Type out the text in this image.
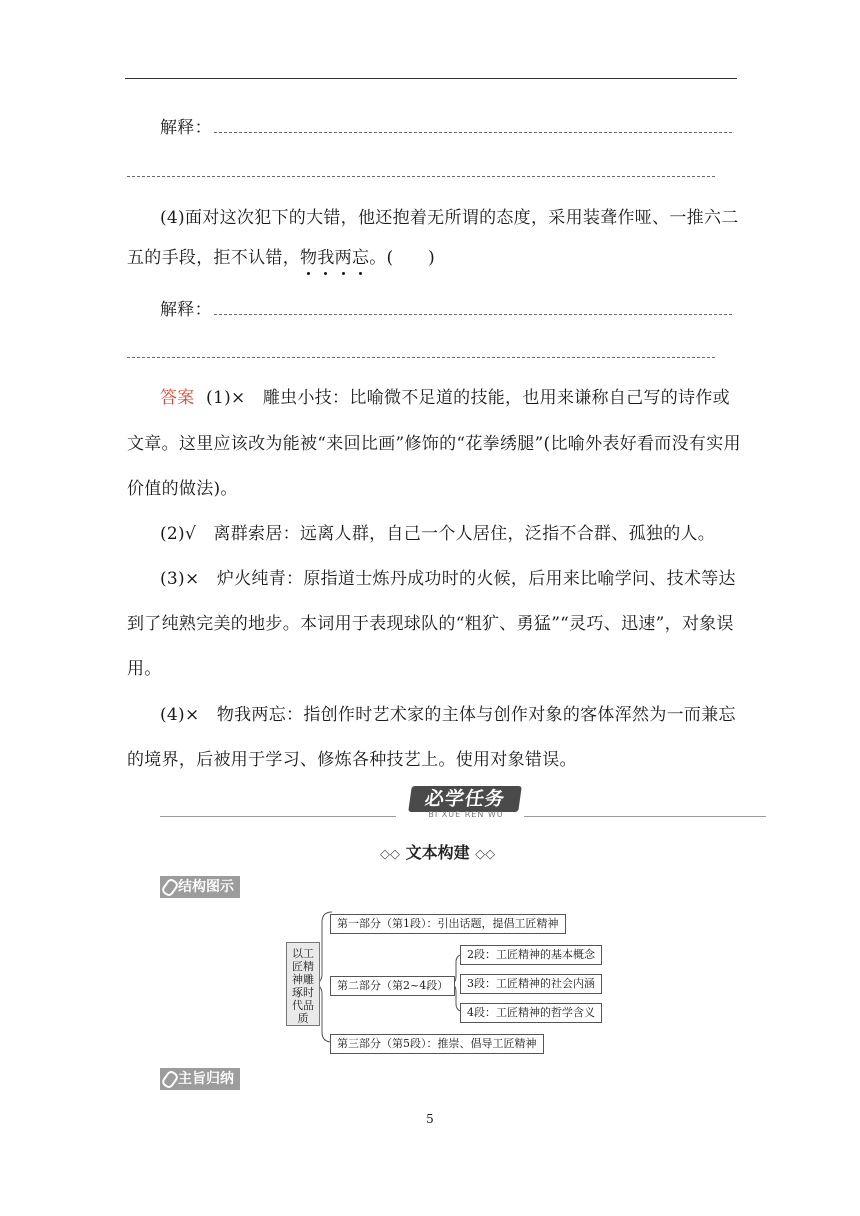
解释：
(4)面对这次犯下的大错，他还抱着无所谓的态度，采用装聋作哑、一推六二
五的手段，拒不认错，物我两忘。(　　)
解释：
答案 (1)×　雕虫小技：比喻微不足道的技能，也用来谦称自己写的诗作或
文章。这里应该改为能被“来回比画”修饰的“花拳绣腿”(比喻外表好看而没有实用
价值的做法)。
(2)√　离群索居：远离人群，自己一个人居住，泛指不合群、孤独的人。
(3)×　炉火纯青：原指道士炼丹成功时的火候，后用来比喻学问、技术等达
到了纯熟完美的地步。本词用于表现球队的“粗犷、勇猛”“灵巧、迅速”，对象误
用。
(4)×　物我两忘：指创作时艺术家的主体与创作对象的客体浑然为一而兼忘
的境界，后被用于学习、修炼各种技艺上。使用对象错误。
必学任务
BI XUE REN WU
◇◇ 文本构建 ◇◇
结构图示
以工匠精神雕琢时代品质
第一部分（第1段）：引出话题，提倡工匠精神
第二部分（第2~4段）
第三部分（第5段）：推崇、倡导工匠精神
2段：工匠精神的基本概念
3段：工匠精神的社会内涵
4段：工匠精神的哲学含义
主旨归纳
5
